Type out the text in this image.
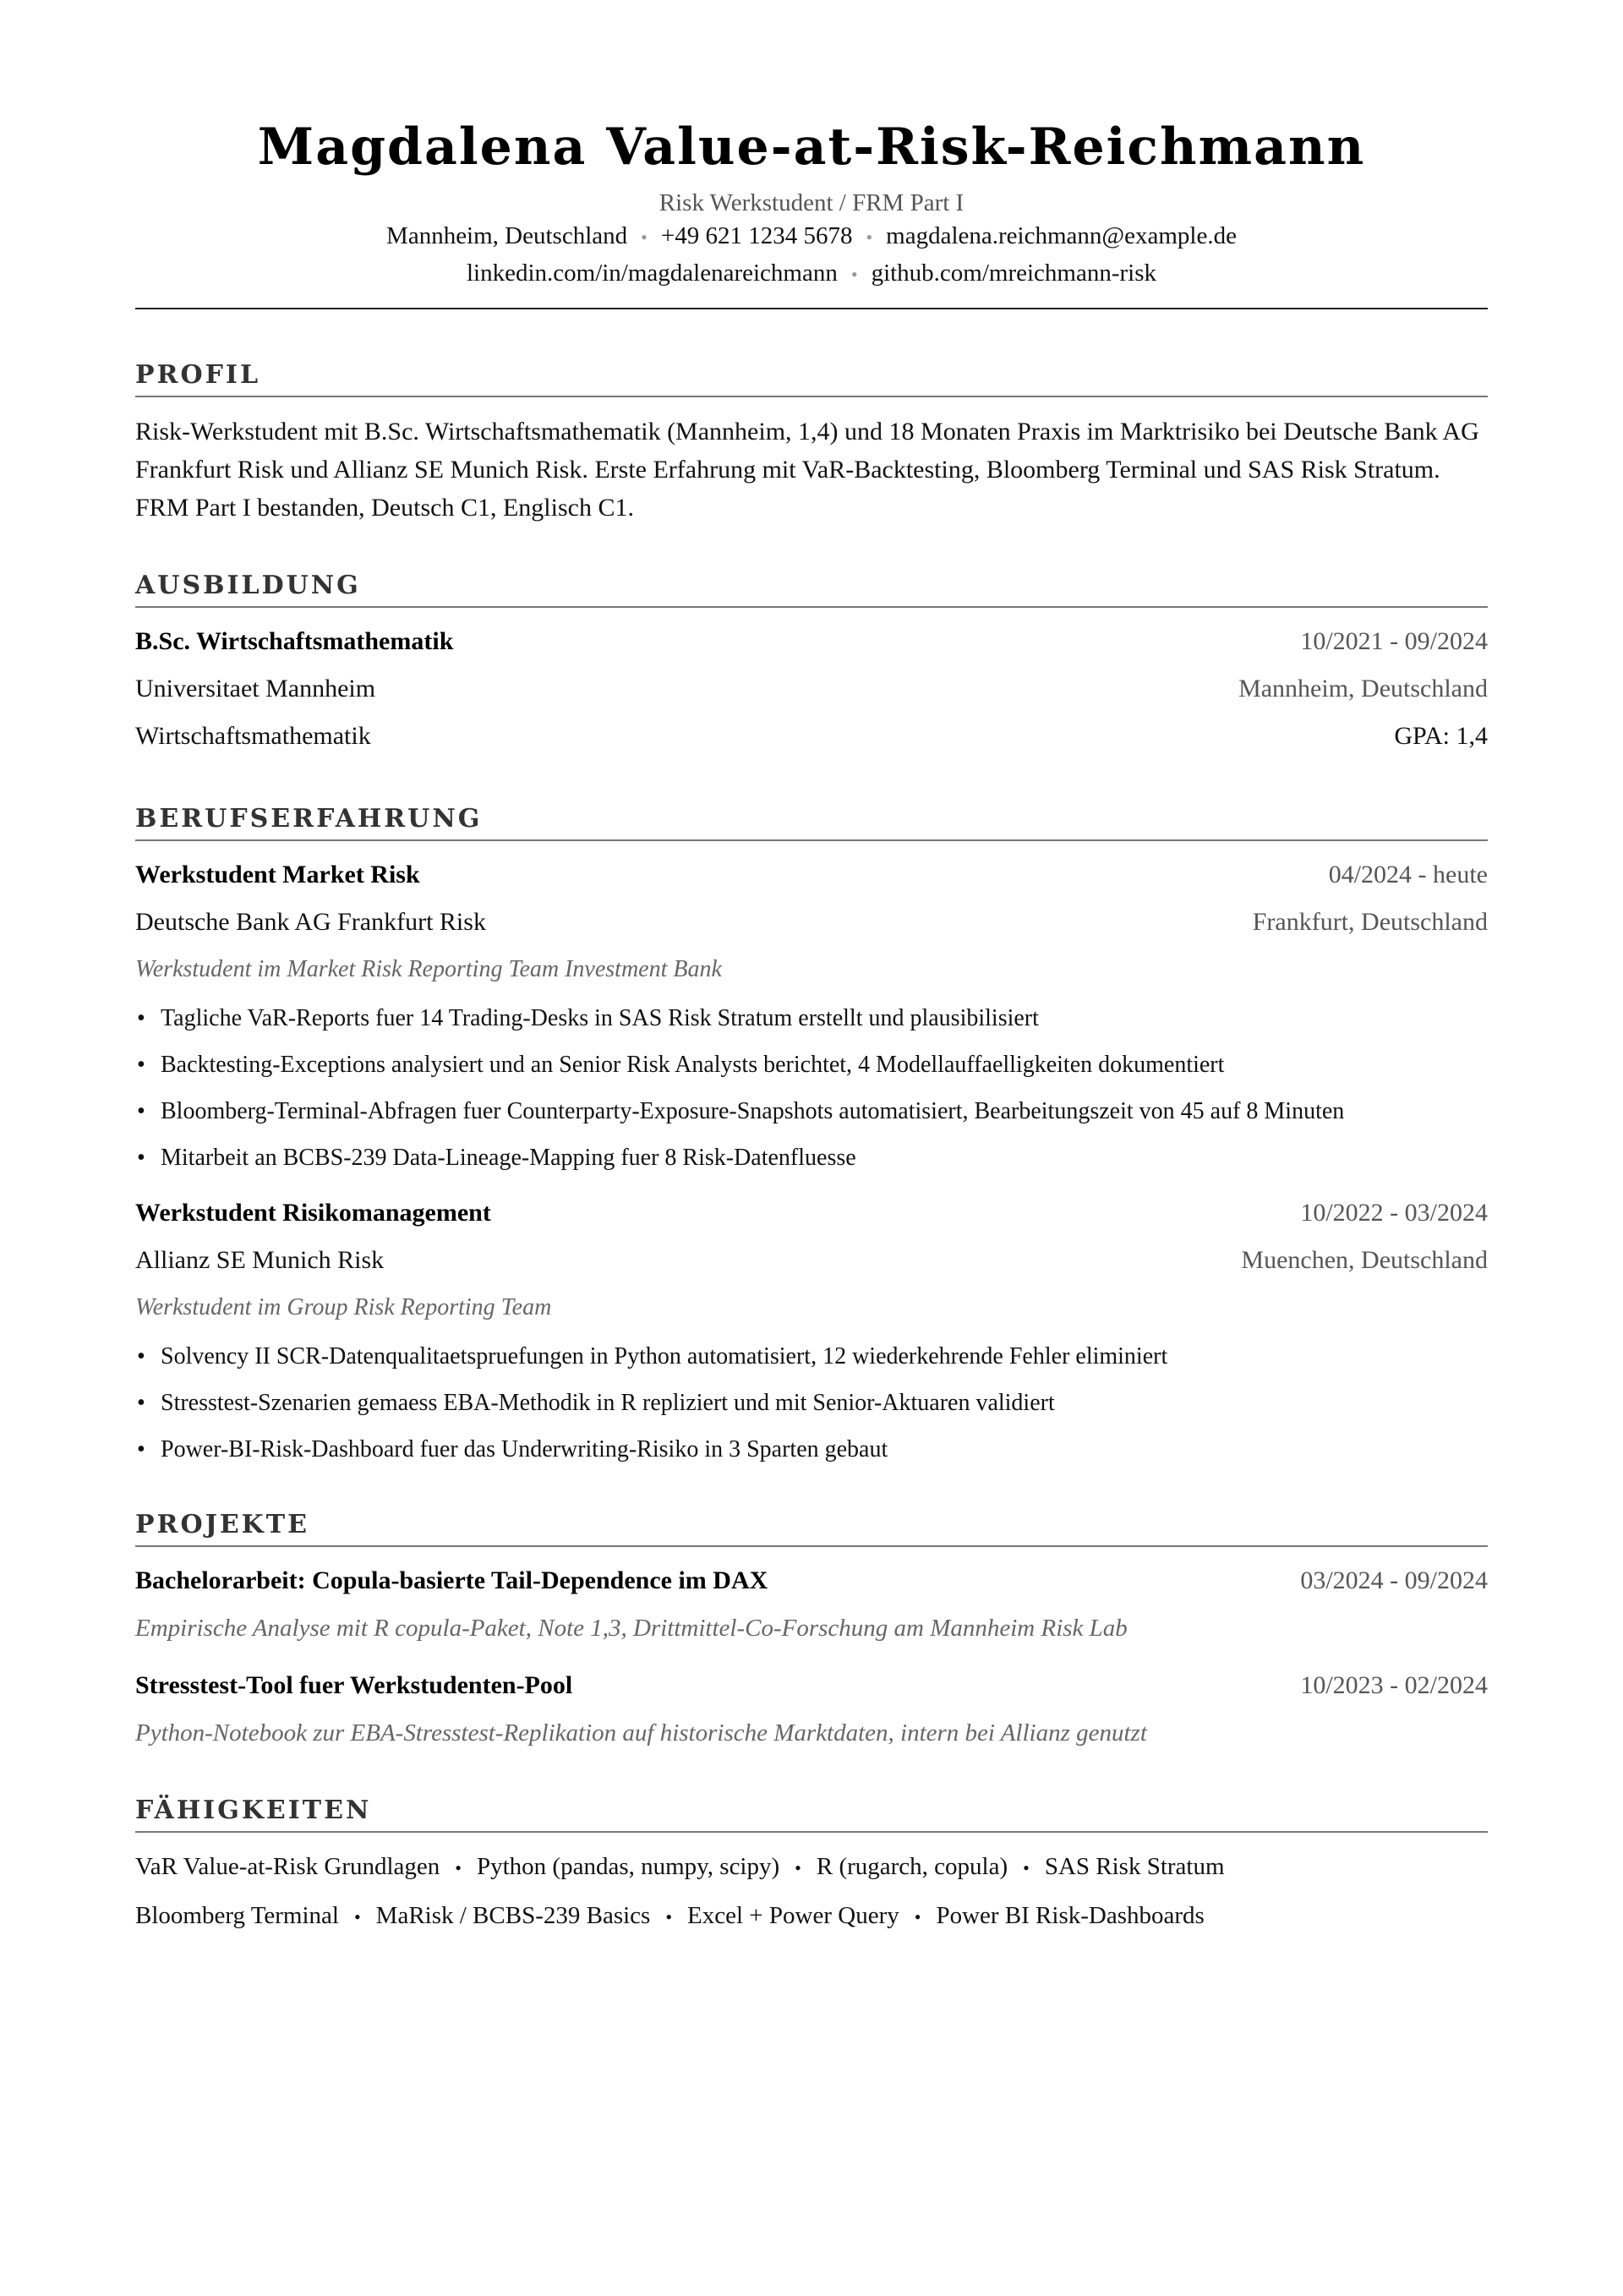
Magdalena Value-at-Risk-Reichmann
Risk Werkstudent / FRM Part I
Mannheim, Deutschland • +49 621 1234 5678 • magdalena.reichmann@example.de
linkedin.com/in/magdalenareichmann • github.com/mreichmann-risk
PROFIL
Risk-Werkstudent mit B.Sc. Wirtschaftsmathematik (Mannheim, 1,4) und 18 Monaten Praxis im Marktrisiko bei Deutsche Bank AG Frankfurt Risk und Allianz SE Munich Risk. Erste Erfahrung mit VaR-Backtesting, Bloomberg Terminal und SAS Risk Stratum. FRM Part I bestanden, Deutsch C1, Englisch C1.
AUSBILDUNG
B.Sc. Wirtschaftsmathematik	10/2021 - 09/2024
Universitaet Mannheim	Mannheim, Deutschland
Wirtschaftsmathematik	GPA: 1,4
BERUFSERFAHRUNG
Werkstudent Market Risk	04/2024 - heute
Deutsche Bank AG Frankfurt Risk	Frankfurt, Deutschland
Werkstudent im Market Risk Reporting Team Investment Bank
• Tagliche VaR-Reports fuer 14 Trading-Desks in SAS Risk Stratum erstellt und plausibilisiert
• Backtesting-Exceptions analysiert und an Senior Risk Analysts berichtet, 4 Modellauffaelligkeiten dokumentiert
• Bloomberg-Terminal-Abfragen fuer Counterparty-Exposure-Snapshots automatisiert, Bearbeitungszeit von 45 auf 8 Minuten
• Mitarbeit an BCBS-239 Data-Lineage-Mapping fuer 8 Risk-Datenfluesse
Werkstudent Risikomanagement	10/2022 - 03/2024
Allianz SE Munich Risk	Muenchen, Deutschland
Werkstudent im Group Risk Reporting Team
• Solvency II SCR-Datenqualitaetspruefungen in Python automatisiert, 12 wiederkehrende Fehler eliminiert
• Stresstest-Szenarien gemaess EBA-Methodik in R repliziert und mit Senior-Aktuaren validiert
• Power-BI-Risk-Dashboard fuer das Underwriting-Risiko in 3 Sparten gebaut
PROJEKTE
Bachelorarbeit: Copula-basierte Tail-Dependence im DAX	03/2024 - 09/2024
Empirische Analyse mit R copula-Paket, Note 1,3, Drittmittel-Co-Forschung am Mannheim Risk Lab
Stresstest-Tool fuer Werkstudenten-Pool	10/2023 - 02/2024
Python-Notebook zur EBA-Stresstest-Replikation auf historische Marktdaten, intern bei Allianz genutzt
FÄHIGKEITEN
VaR Value-at-Risk Grundlagen • Python (pandas, numpy, scipy) • R (rugarch, copula) • SAS Risk Stratum
Bloomberg Terminal • MaRisk / BCBS-239 Basics • Excel + Power Query • Power BI Risk-Dashboards
